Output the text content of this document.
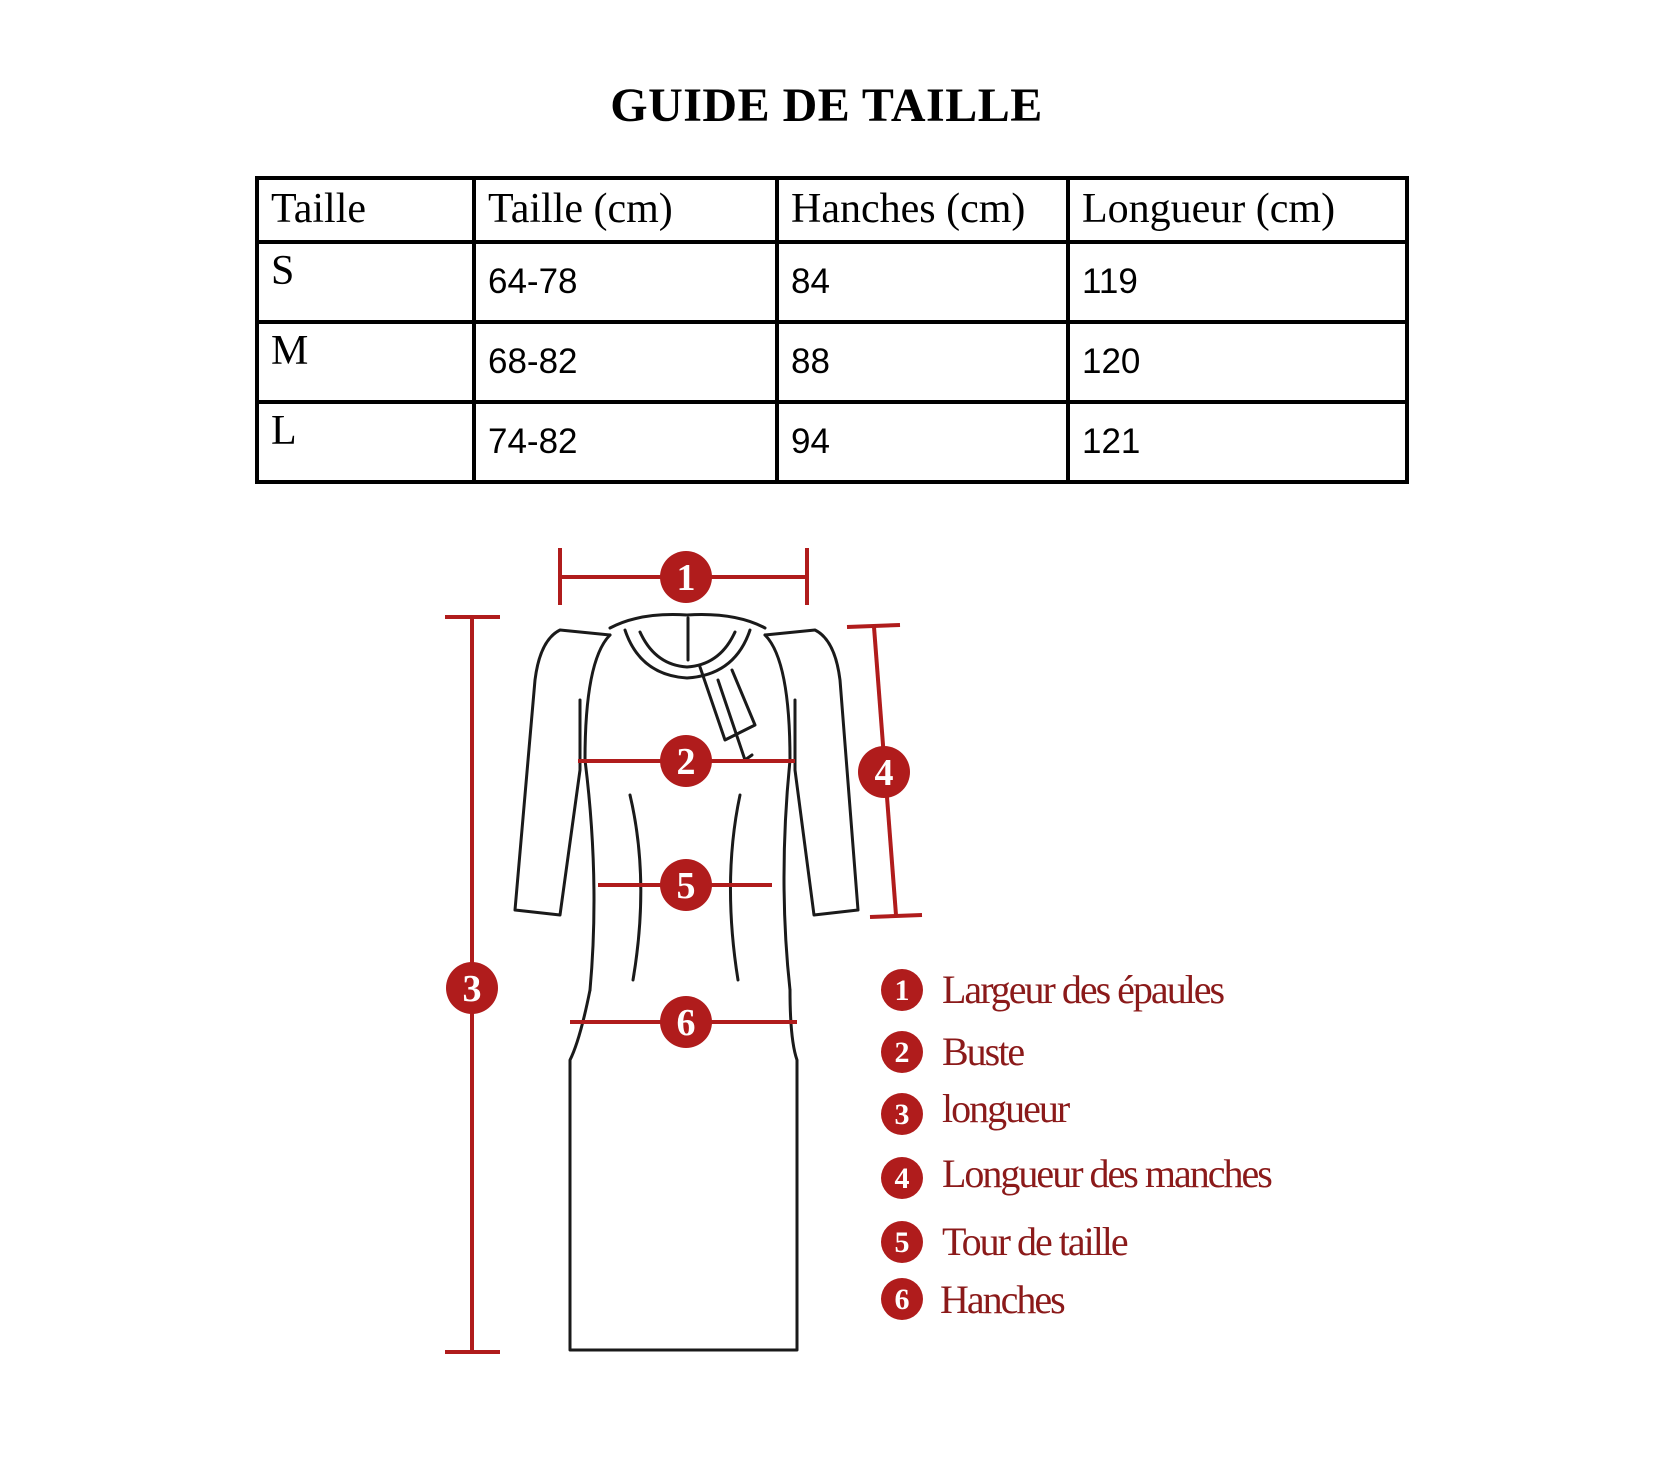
GUIDE DE TAILLE
Taille	Taille (cm)	Hanches (cm)	Longueur (cm)
S	64-78	84	119
M	68-82	88	120
L	74-82	94	121
1
2
3
4
5
6
1 Largeur des épaules
2 Buste
3 longueur
4 Longueur des manches
5 Tour de taille
6 Hanches
